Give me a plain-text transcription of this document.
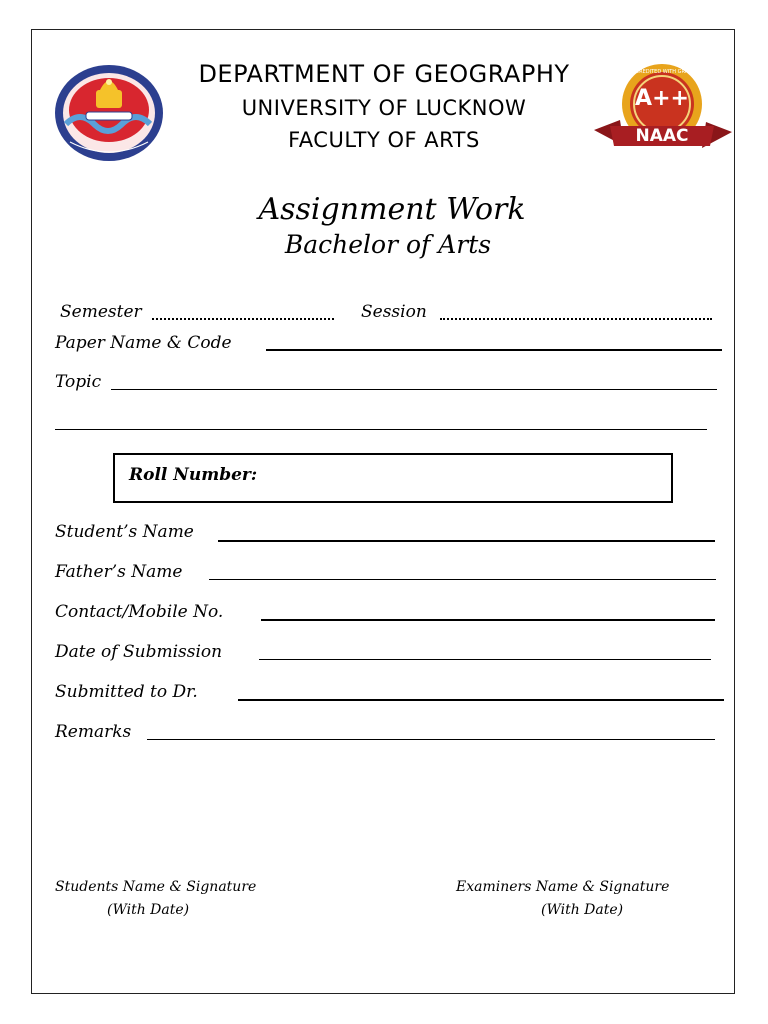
A++
NAAC
ACCREDITED WITH GRADE
DEPARTMENT OF GEOGRAPHY
UNIVERSITY OF LUCKNOW
FACULTY OF ARTS
Assignment Work
Bachelor of Arts
Semester	Session
Paper Name & Code
Topic
Roll Number:
Student’s Name
Father’s Name
Contact/Mobile No.
Date of Submission
Submitted to Dr.
Remarks
Students Name & Signature
(With Date)
Examiners Name & Signature
(With Date)
